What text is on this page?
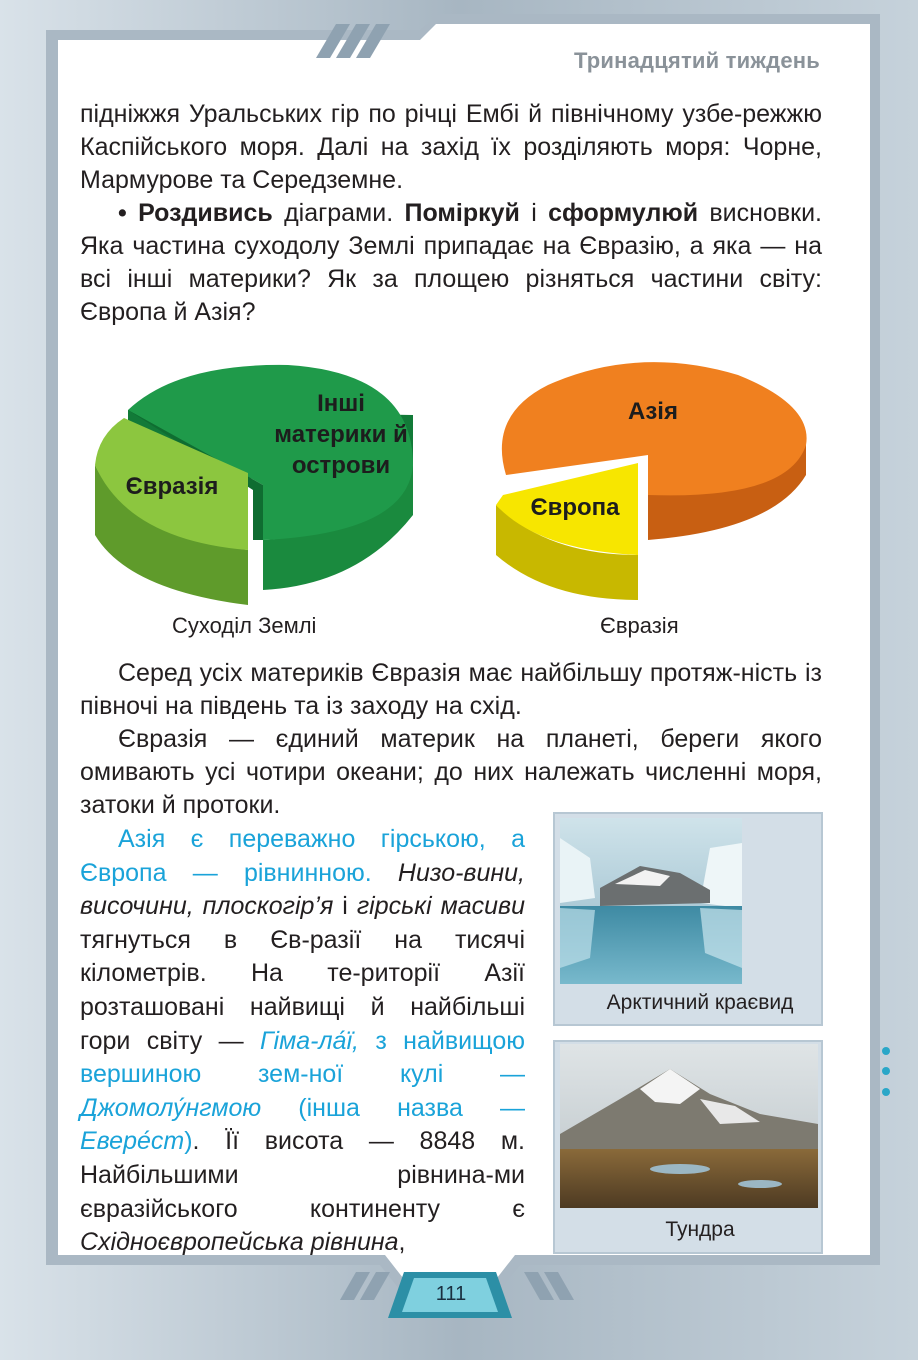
Тринадцятий тиждень

підніжжя Уральських гір по річці Ембі й північному узбе-режжю Каспійського моря. Далі на захід їх розділяють моря: Чорне, Мармурове та Середземне.

• Роздивись діаграми. Поміркуй і сформулюй висновки. Яка частина суходолу Землі припадає на Євразію, а яка — на всі інші материки? Як за площею різняться частини світу: Європа й Азія?

Інші материки й острови
Євразія
Суходіл Землі
Азія
Європа
Євразія

Серед усіх материків Євразія має найбільшу протяж-ність із півночі на південь та із заходу на схід.

Євразія — єдиний материк на планеті, береги якого омивають усі чотири океани; до них належать численні моря, затоки й протоки.

Азія є переважно гірською, а Європа — рівнинною. Низо-вини, височини, плоскогір’я і гірські масиви тягнуться в Єв-разії на тисячі кілометрів. На те-риторії Азії розташовані найвищі й найбільші гори світу — Гіма-ла́ї, з найвищою вершиною зем-ної кулі — Джомолу́нгмою (інша назва — Евере́ст). Її висота — 8848 м. Найбільшими рівнина-ми євразійського континенту є Східноєвропейська рівнина,

Арктичний краєвид
Тундра
111
